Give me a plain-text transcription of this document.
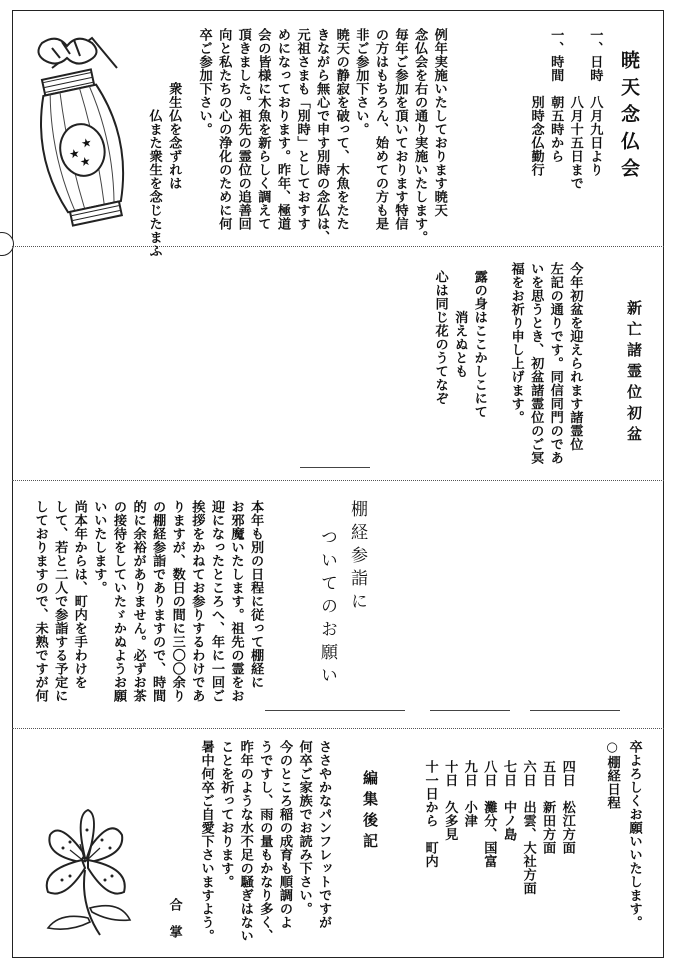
暁天念仏会
一、日時　八月九日より
　　　　　八月十五日まで
一、時間　朝五時から
　　　　　別時念仏勤行
例年実施いたしております暁天
念仏会を右の通り実施いたします。
毎年ご参加を頂いております特信
の方はもちろん、始めての方も是
非ご参加下さい。
暁天の静寂を破って、木魚をたた
きながら無心で申す別時の念仏は、
元祖さまも「別時」としておすす
めになっております。昨年、極道
会の皆様に木魚を新らしく調えて
頂きました。祖先の霊位の追善回
向と私たちの心の浄化のために何
卒ご参加下さい。
衆生仏を念ずれは
　　仏また衆生を念じたまふ
★
★
★
新亡諸霊位初盆
今年初盆を迎えられます諸霊位
左記の通りです。同信同門のであ
いを思うとき、初盆諸霊位のご冥
福をお祈り申し上げます。
露の身はここかしこにて
　　　消えぬとも
心は同じ花のうてなぞ
棚経参詣に
ついてのお願い
本年も別の日程に従って棚経に
お邪魔いたします。祖先の霊をお
迎になったところへ、年に一回ご
挨拶をかねてお参りするわけであ
りますが、数日の間に三〇〇余り
の棚経参詣でありますので、時間
的に余裕がありません。必ずお茶
の接待をしていたゞかぬようお願
いいたします。
尚本年からは、町内を手わけを
して、若と二人で参詣する予定に
しておりますので、未熟ですが何
卒よろしくお願いいたします。
○棚経日程
四日　松江方面
五日　新田方面
六日　出雲、大社方面
七日　中ノ島
八日　灘分、国富
九日　小津
十日　久多見
十一日から　町内
編集後記
ささやかなパンフレットですが
何卒ご家族でお読み下さい。
今のところ稲の成育も順調のよ
うですし、雨の量もかなり多く、
昨年のような水不足の騒ぎはない
ことを祈っております。
暑中何卒ご自愛下さいますよう。
合　掌
